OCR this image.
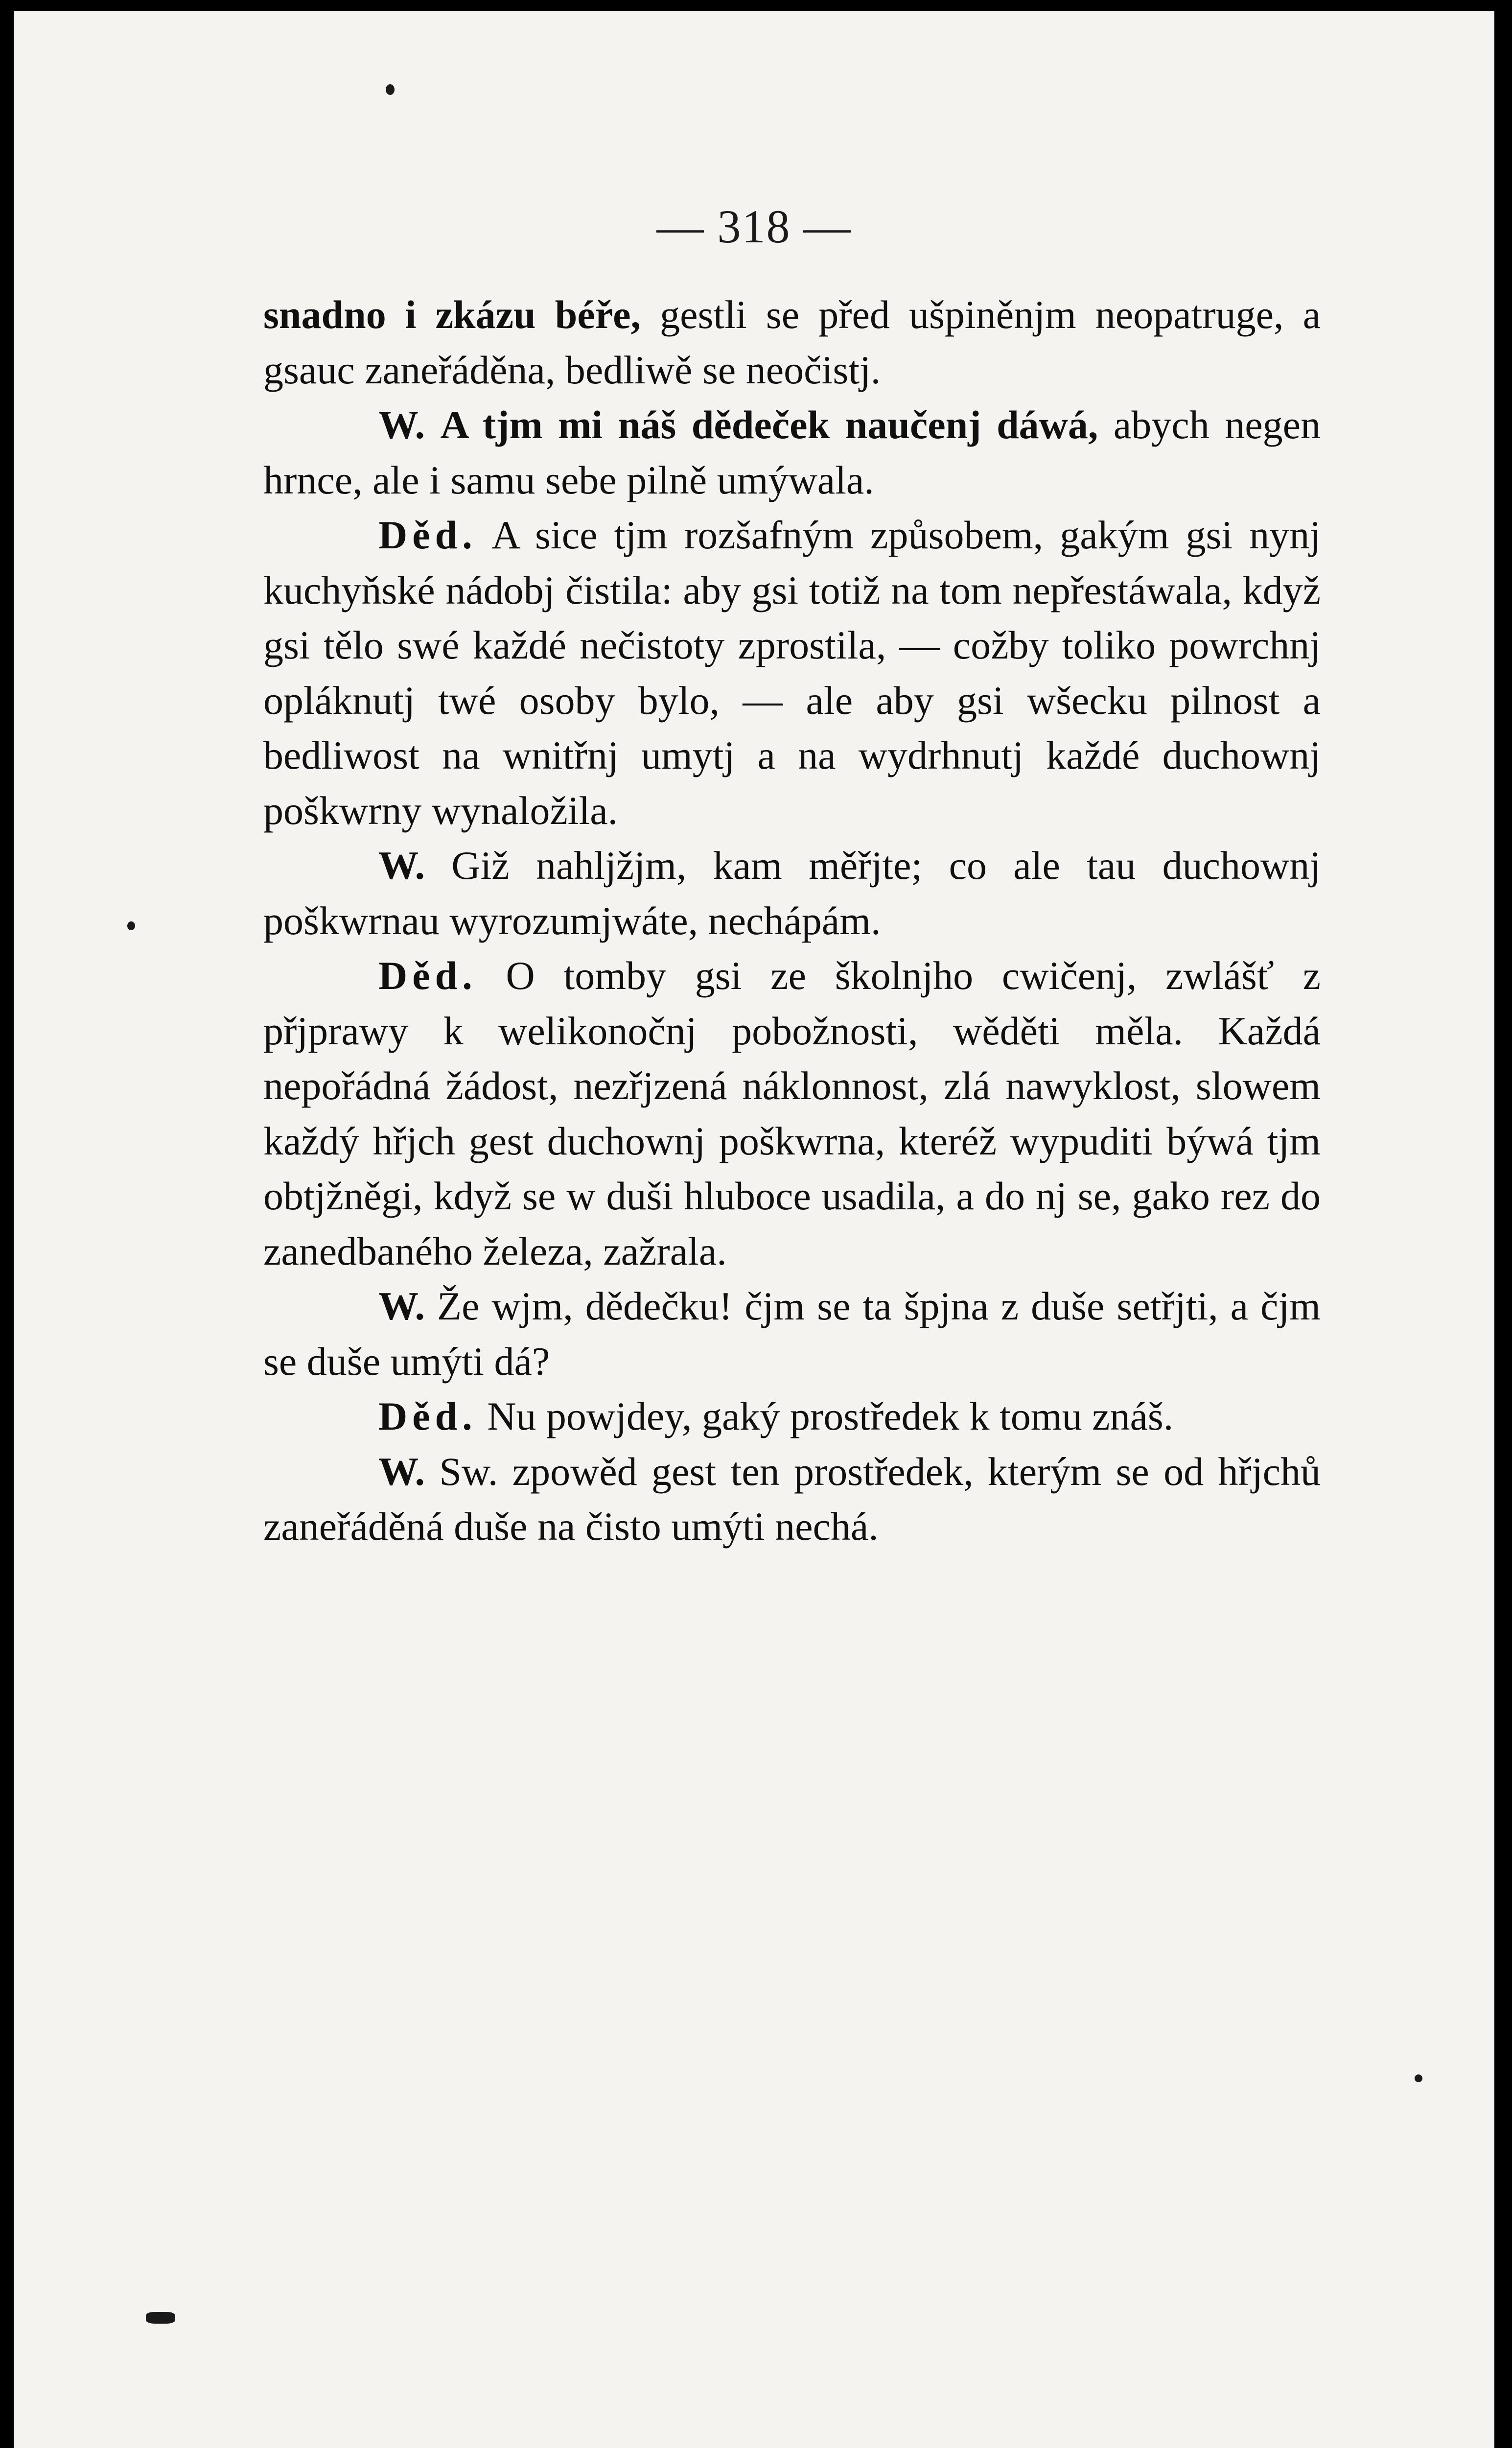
— 318 —

snadno i zkázu béře, gestli se před ušpiněnjm neopatruge, a gsauc zaneřáděna, bedliwě se neočistj.

W. A tjm mi náš dědeček naučenj dáwá, abych negen hrnce, ale i samu sebe pilně umýwala.

Děd. A sice tjm rozšafným způsobem, gakým gsi nynj kuchyňské nádobj čistila: aby gsi totiž na tom nepřestáwala, když gsi tělo swé každé nečistoty zprostila, — cožby toliko powrchnj opláknutj twé osoby bylo, — ale aby gsi wšecku pilnost a bedliwost na wnitřnj umytj a na wydrhnutj každé duchownj poškwrny wynaložila.

W. Giž nahljžjm, kam měřjte; co ale tau duchownj poškwrnau wyrozumjwáte, nechápám.

Děd. O tomby gsi ze školnjho cwičenj, zwlášť z přjprawy k welikonočnj pobožnosti, wěděti měla. Každá nepořádná žádost, nezřjzená náklonnost, zlá nawyklost, slowem každý hřjch gest duchownj poškwrna, kteréž wypuditi býwá tjm obtjžněgi, když se w duši hluboce usadila, a do nj se, gako rez do zanedbaného železa, zažrala.

W. Že wjm, dědečku! čjm se ta špjna z duše setřjti, a čjm se duše umýti dá?

Děd. Nu powjdey, gaký prostředek k tomu znáš.

W. Sw. zpowěd gest ten prostředek, kterým se od hřjchů zaneřáděná duše na čisto umýti nechá.
